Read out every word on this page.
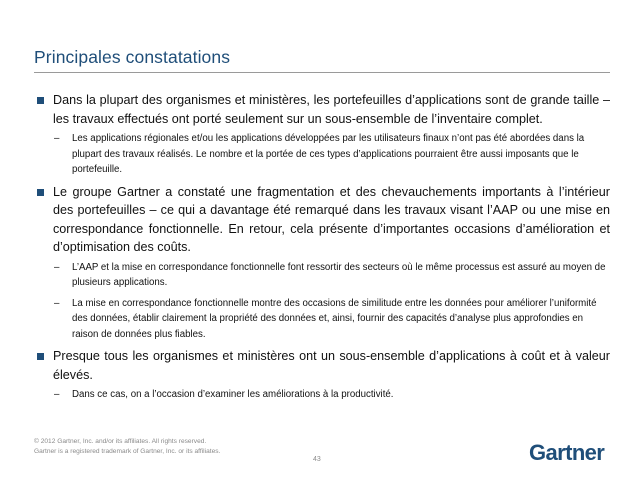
Principales constatations
Dans la plupart des organismes et ministères, les portefeuilles d’applications sont de grande taille – les travaux effectués ont porté seulement sur un sous-ensemble de l’inventaire complet.
– Les applications régionales et/ou les applications développées par les utilisateurs finaux n’ont pas été abordées dans la plupart des travaux réalisés. Le nombre et la portée de ces types d’applications pourraient être aussi imposants que le portefeuille.
Le groupe Gartner a constaté une fragmentation et des chevauchements importants à l’intérieur des portefeuilles – ce qui a davantage été remarqué dans les travaux visant l’AAP ou une mise en correspondance fonctionnelle. En retour, cela présente d’importantes occasions d’amélioration et d’optimisation des coûts.
– L’AAP et la mise en correspondance fonctionnelle font ressortir des secteurs où le même processus est assuré au moyen de plusieurs applications.
– La mise en correspondance fonctionnelle montre des occasions de similitude entre les données pour améliorer l’uniformité des données, établir clairement la propriété des données et, ainsi, fournir des capacités d’analyse plus approfondies en raison de données plus fiables.
Presque tous les organismes et ministères ont un sous-ensemble d’applications à coût et à valeur élevés.
– Dans ce cas, on a l’occasion d’examiner les améliorations à la productivité.
© 2012 Gartner, Inc. and/or its affiliates. All rights reserved.
Gartner is a registered trademark of Gartner, Inc. or its affiliates.
43	Gartner
